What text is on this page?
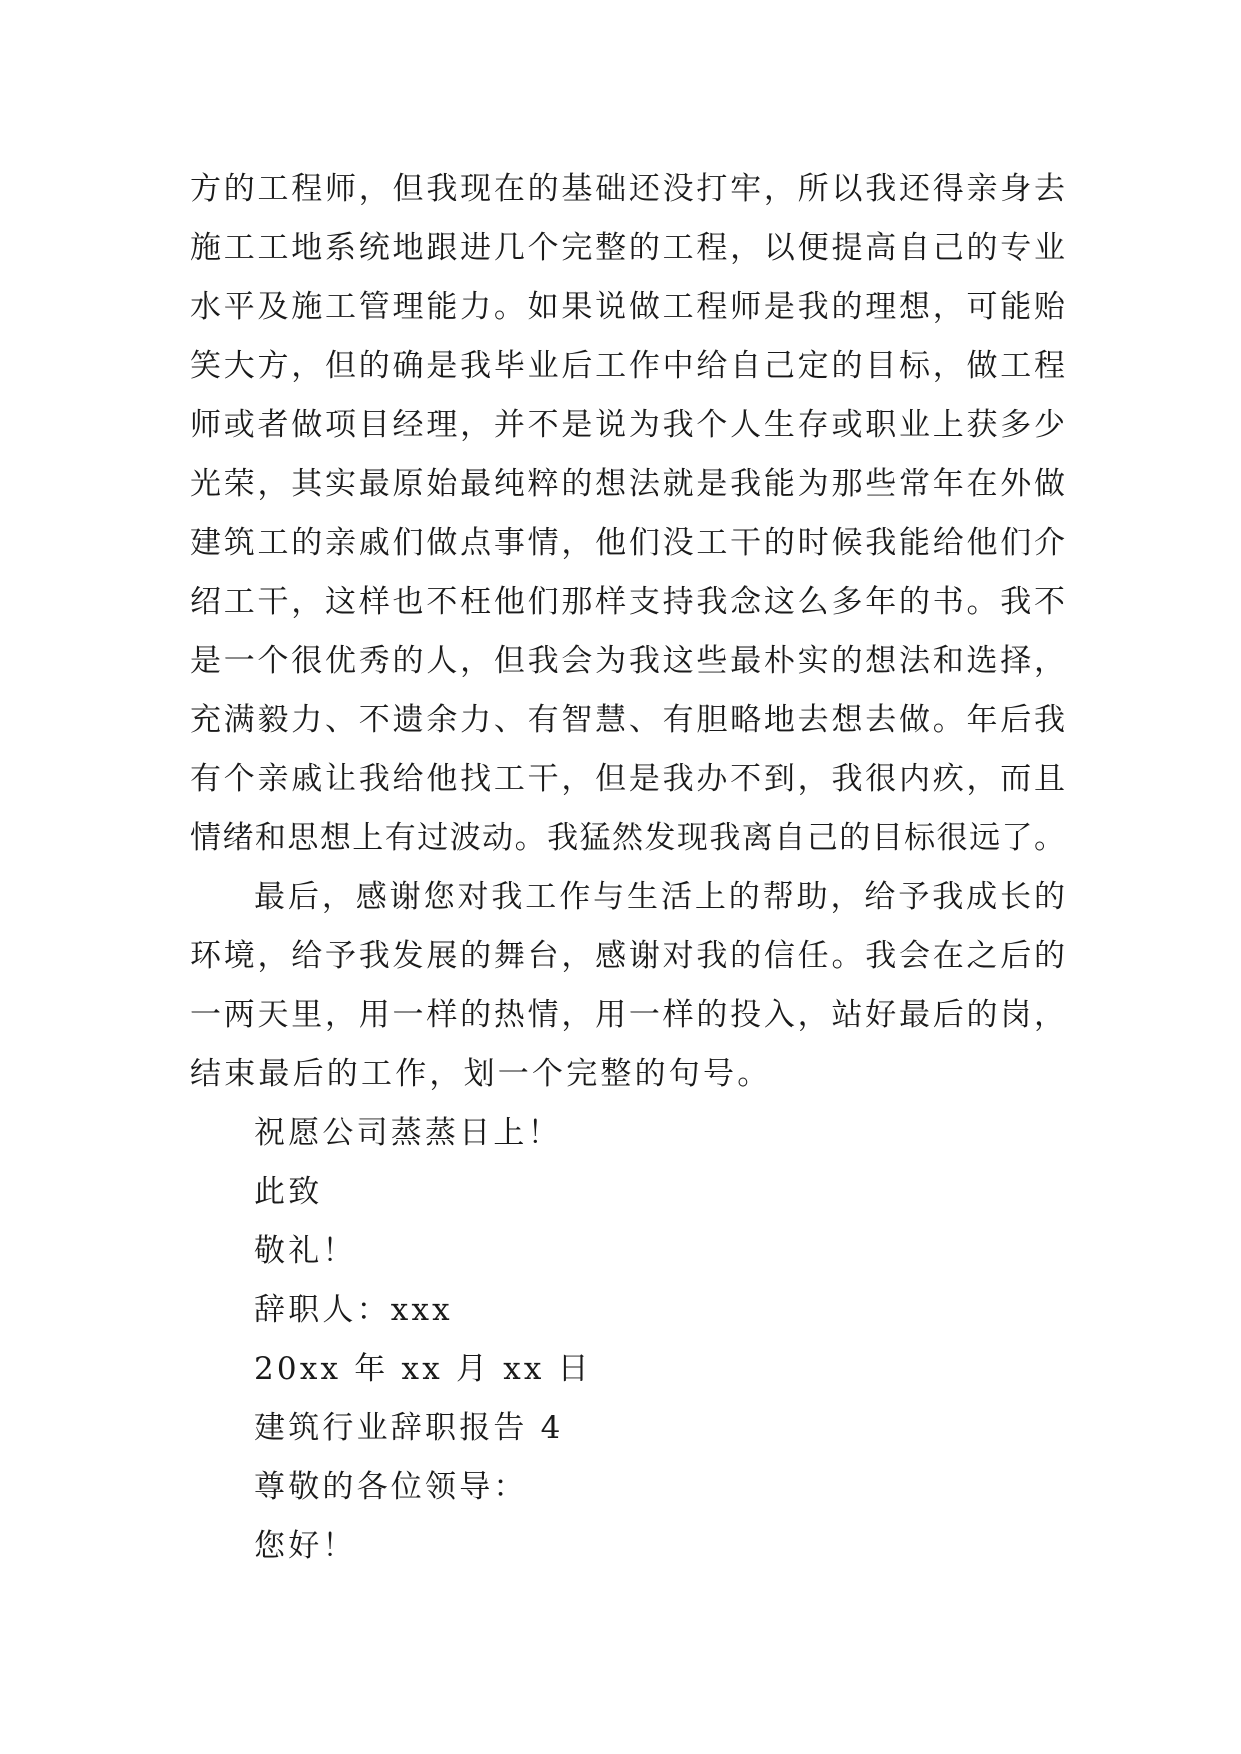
方的工程师，但我现在的基础还没打牢，所以我还得亲身去
施工工地系统地跟进几个完整的工程，以便提高自己的专业
水平及施工管理能力。如果说做工程师是我的理想，可能贻
笑大方，但的确是我毕业后工作中给自己定的目标，做工程
师或者做项目经理，并不是说为我个人生存或职业上获多少
光荣，其实最原始最纯粹的想法就是我能为那些常年在外做
建筑工的亲戚们做点事情，他们没工干的时候我能给他们介
绍工干，这样也不枉他们那样支持我念这么多年的书。我不
是一个很优秀的人，但我会为我这些最朴实的想法和选择，
充满毅力、不遗余力、有智慧、有胆略地去想去做。年后我
有个亲戚让我给他找工干，但是我办不到，我很内疚，而且
情绪和思想上有过波动。我猛然发现我离自己的目标很远了。
最后，感谢您对我工作与生活上的帮助，给予我成长的
环境，给予我发展的舞台，感谢对我的信任。我会在之后的
一两天里，用一样的热情，用一样的投入，站好最后的岗，
结束最后的工作，划一个完整的句号。
祝愿公司蒸蒸日上！
此致
敬礼！
辞职人：xxx
20xx 年 xx 月 xx 日
建筑行业辞职报告 4
尊敬的各位领导：
您好！
